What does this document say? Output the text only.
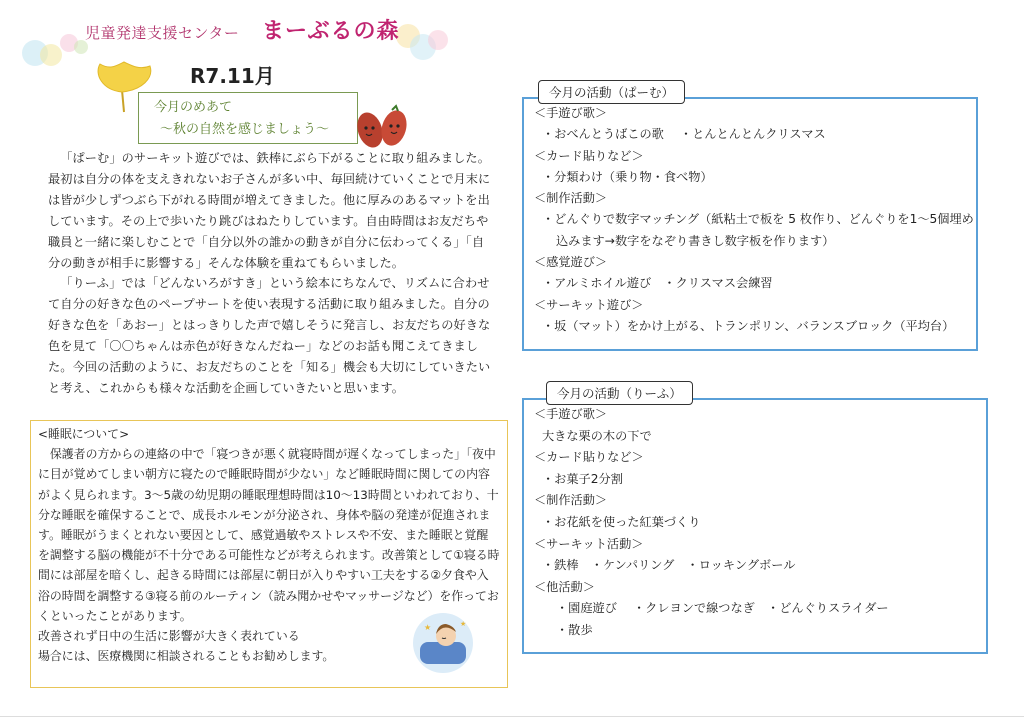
児童発達支援センター まーぶるの森
R7.11月
今月のめあて
～秋の自然を感じましょう～

「ぱーむ」のサーキット遊びでは、鉄棒にぶら下がることに取り組みました。最初は自分の体を支えきれないお子さんが多い中、毎回続けていくことで月末には皆が少しずつぶら下がれる時間が増えてきました。他に厚みのあるマットを出しています。その上で歩いたり跳びはねたりしています。自由時間はお友だちや職員と一緒に楽しむことで「自分以外の誰かの動きが自分に伝わってくる」「自分の動きが相手に影響する」そんな体験を重ねてもらいました。

「りーふ」では「どんないろがすき」という絵本にちなんで、リズムに合わせて自分の好きな色のペープサートを使い表現する活動に取り組みました。自分の好きな色を「あおー」とはっきりした声で嬉しそうに発言し、お友だちの好きな色を見て「〇〇ちゃんは赤色が好きなんだねー」などのお話も聞こえてきました。今回の活動のように、お友だちのことを「知る」機会も大切にしていきたいと考え、これからも様々な活動を企画していきたいと思います。

<睡眠について>

保護者の方からの連絡の中で「寝つきが悪く就寝時間が遅くなってしまった」「夜中に目が覚めてしまい朝方に寝たので睡眠時間が少ない」など睡眠時間に関しての内容がよく見られます。3～5歳の幼児期の睡眠理想時間は10～13時間といわれており、十分な睡眠を確保することで、成長ホルモンが分泌され、身体や脳の発達が促進されます。睡眠がうまくとれない要因として、感覚過敏やストレスや不安、また睡眠と覚醒を調整する脳の機能が不十分である可能性などが考えられます。改善策として①寝る時間には部屋を暗くし、起きる時間には部屋に朝日が入りやすい工夫をする②夕食や入浴の時間を調整する③寝る前のルーティン（読み聞かせやマッサージなど）を作っておくといったことがあります。

改善されず日中の生活に影響が大きく表れている

場合には、医療機関に相談されることもお勧めします。

★	★
今月の活動（ぱーむ）
＜手遊び歌＞
・おべんとうばこの歌　 ・とんとんとんクリスマス
＜カード貼りなど＞
・分類わけ（乗り物・食べ物）
＜制作活動＞
・どんぐりで数字マッチング（紙粘土で板を 5 枚作り、どんぐりを1～5個埋め
込みます→数字をなぞり書きし数字板を作ります）
＜感覚遊び＞
・アルミホイル遊び　・クリスマス会練習
＜サーキット遊び＞
・坂（マット）をかけ上がる、トランポリン、バランスブロック（平均台）
今月の活動（りーふ）
＜手遊び歌＞
大きな栗の木の下で
＜カード貼りなど＞
・お菓子2分割
＜制作活動＞
・お花紙を使った紅葉づくり
＜サーキット活動＞
・鉄棒　・ケンパリング　・ロッキングボール
＜他活動＞
・園庭遊び　 ・クレヨンで線つなぎ　・どんぐりスライダー
・散歩
